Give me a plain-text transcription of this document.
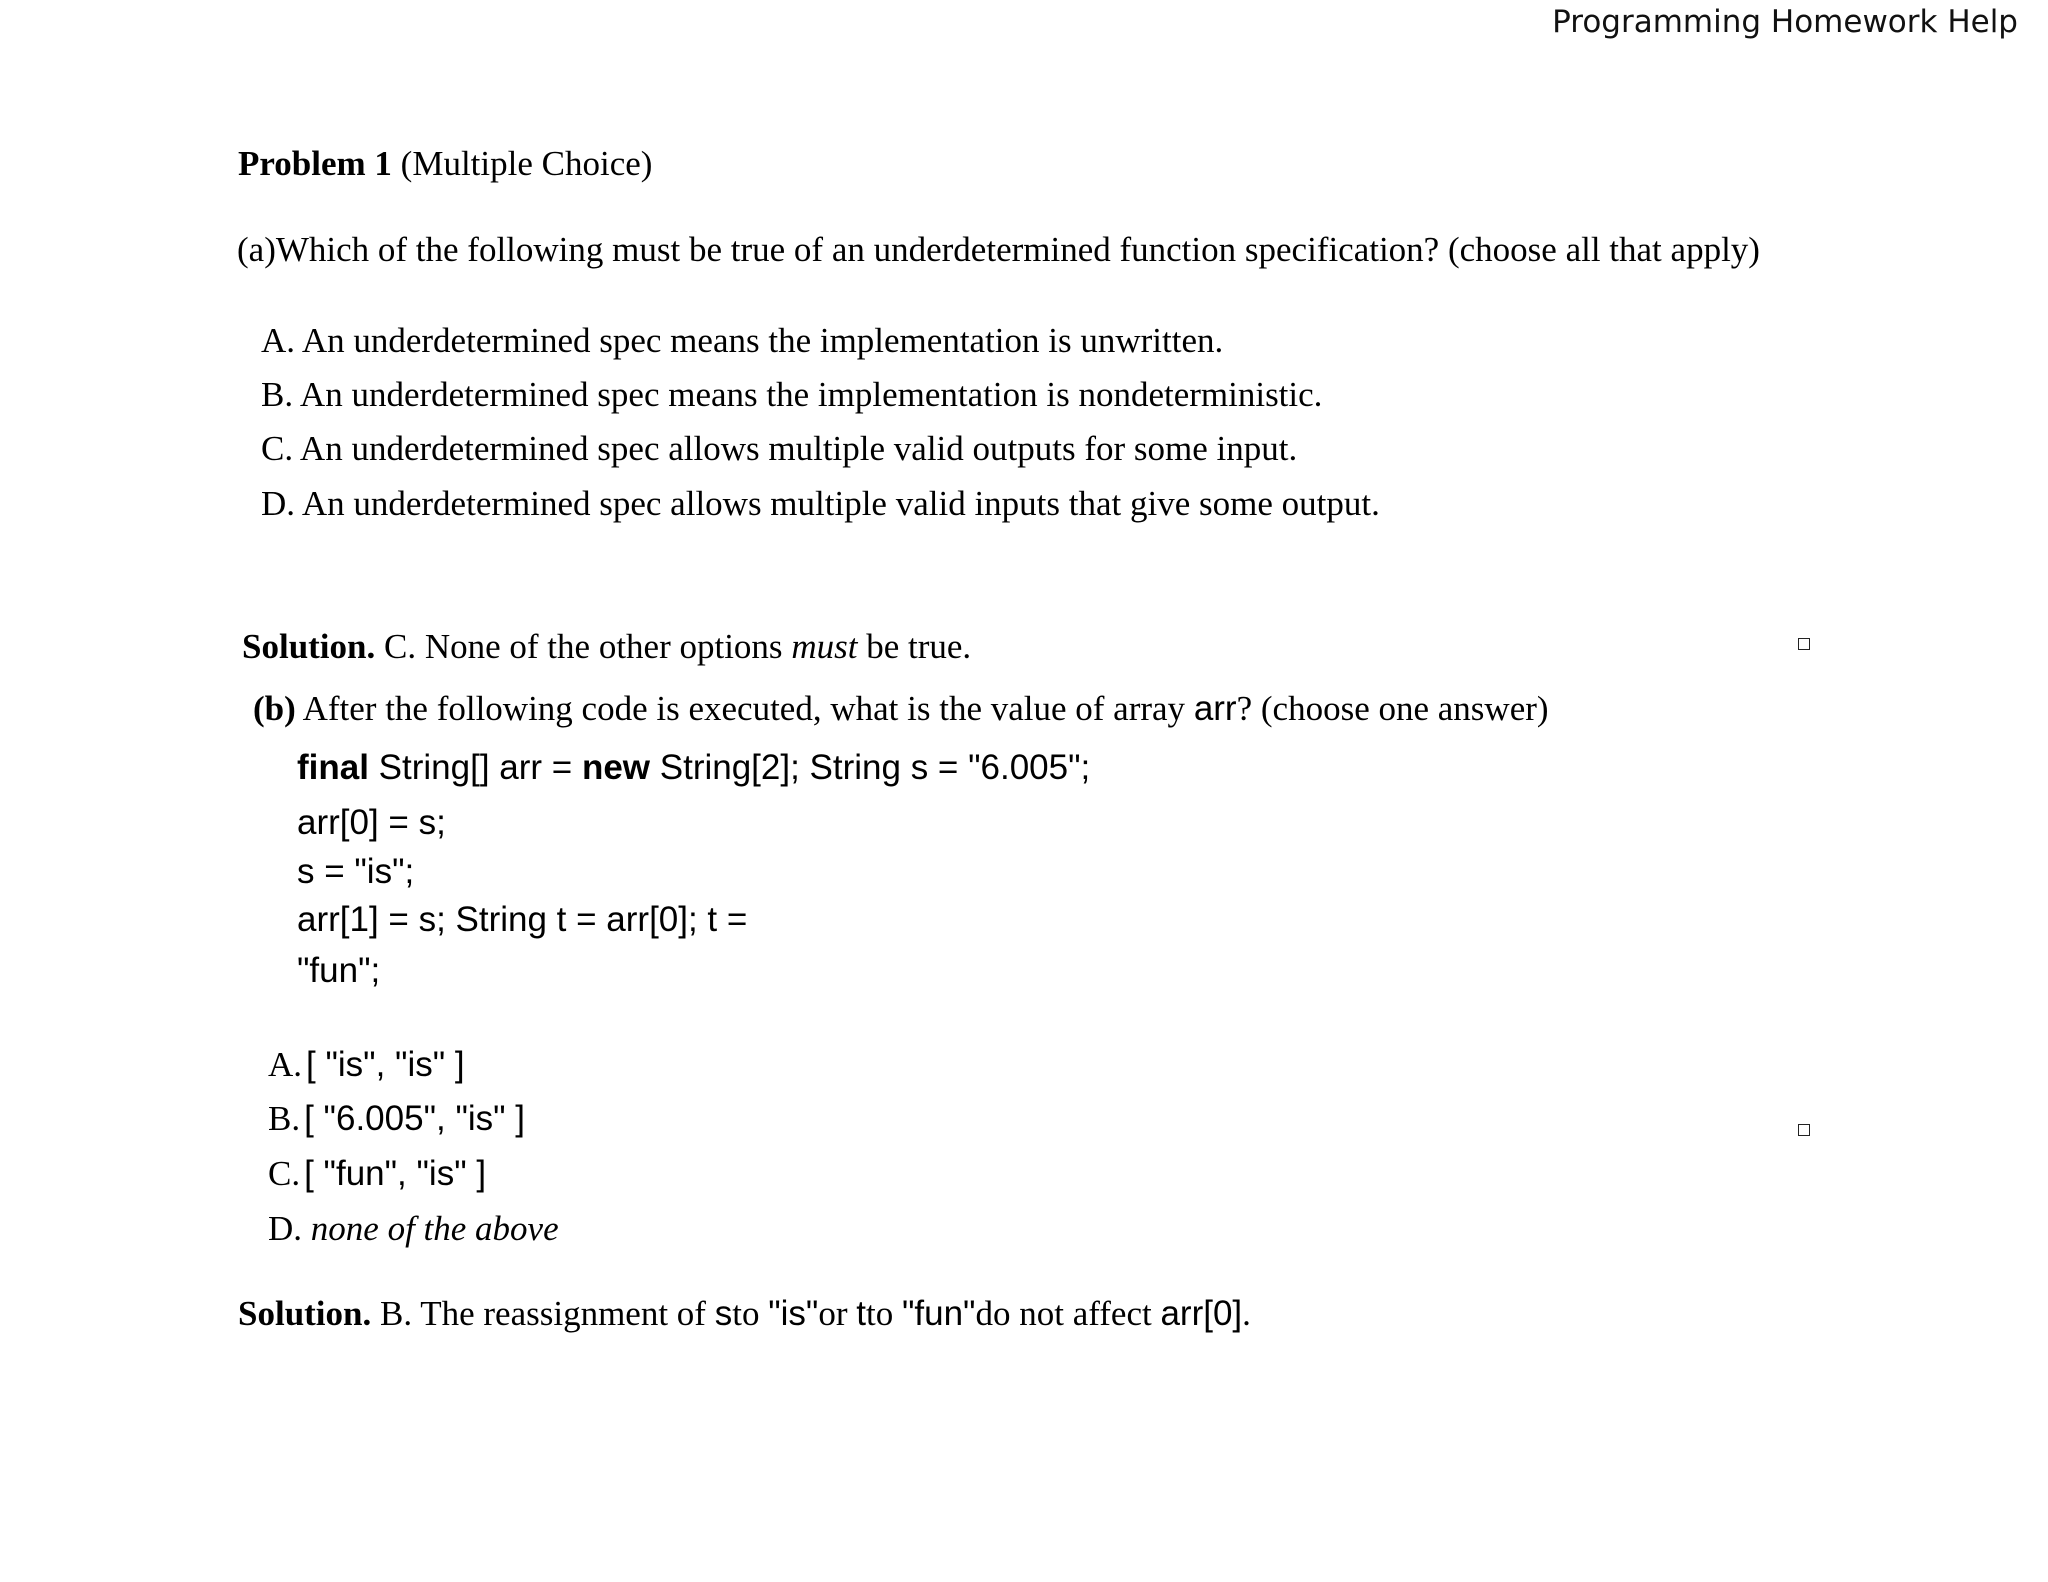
Programming Homework Help
Problem 1 (Multiple Choice)
(a)Which of the following must be true of an underdetermined function specification? (choose all that apply)
A. An underdetermined spec means the implementation is unwritten.
B. An underdetermined spec means the implementation is nondeterministic.
C. An underdetermined spec allows multiple valid outputs for some input.
D. An underdetermined spec allows multiple valid inputs that give some output.
Solution. C. None of the other options must be true.
(b) After the following code is executed, what is the value of array arr? (choose one answer)
final String[] arr = new String[2]; String s = "6.005";
arr[0] = s;
s = "is";
arr[1] = s; String t = arr[0]; t =
"fun";
A. [ "is", "is" ]
B. [ "6.005", "is" ]
C. [ "fun", "is" ]
D. none of the above
Solution. B. The reassignment of sto "is"or tto "fun"do not affect arr[0].
